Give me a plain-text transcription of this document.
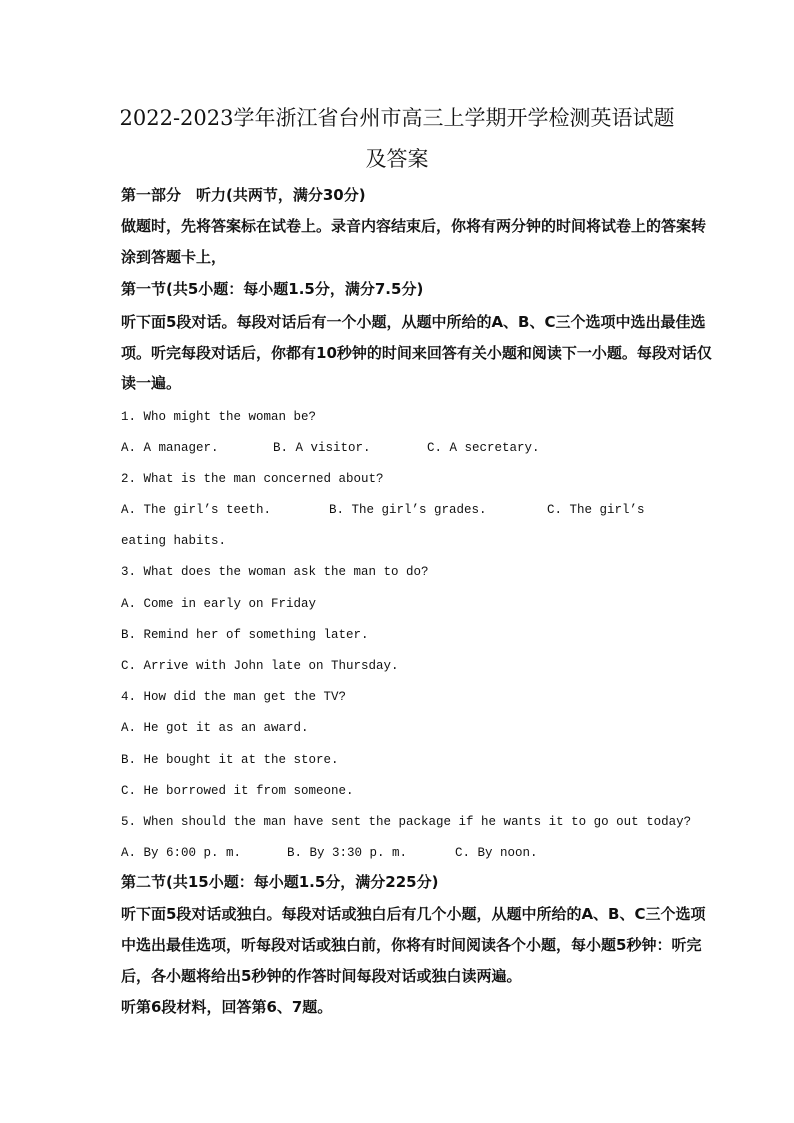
2022-2023学年浙江省台州市高三上学期开学检测英语试题
及答案
第一部分　听力(共两节，满分30分)
做题时，先将答案标在试卷上。录音内容结束后，你将有两分钟的时间将试卷上的答案转
涂到答题卡上，
第一节(共5小题：每小题1.5分，满分7.5分)
听下面5段对话。每段对话后有一个小题，从题中所给的A、B、C三个选项中选出最佳选
项。听完每段对话后，你都有10秒钟的时间来回答有关小题和阅读下一小题。每段对话仅
读一遍。
1. Who might the woman be?
A. A manager.	B. A visitor.	C. A secretary.
2. What is the man concerned about?
A. The girl’s teeth.	B. The girl’s grades.	C. The girl’s
eating habits.
3. What does the woman ask the man to do?
A. Come in early on Friday
B. Remind her of something later.
C. Arrive with John late on Thursday.
4. How did the man get the TV?
A. He got it as an award.
B. He bought it at the store.
C. He borrowed it from someone.
5. When should the man have sent the package if he wants it to go out today?
A. By 6:00 p. m.	B. By 3:30 p. m.	C. By noon.
第二节(共15小题：每小题1.5分，满分225分)
听下面5段对话或独白。每段对话或独白后有几个小题，从题中所给的A、B、C三个选项
中选出最佳选项，听每段对话或独白前，你将有时间阅读各个小题，每小题5秒钟：听完
后，各小题将给出5秒钟的作答时间每段对话或独白读两遍。
听第6段材料，回答第6、7题。
